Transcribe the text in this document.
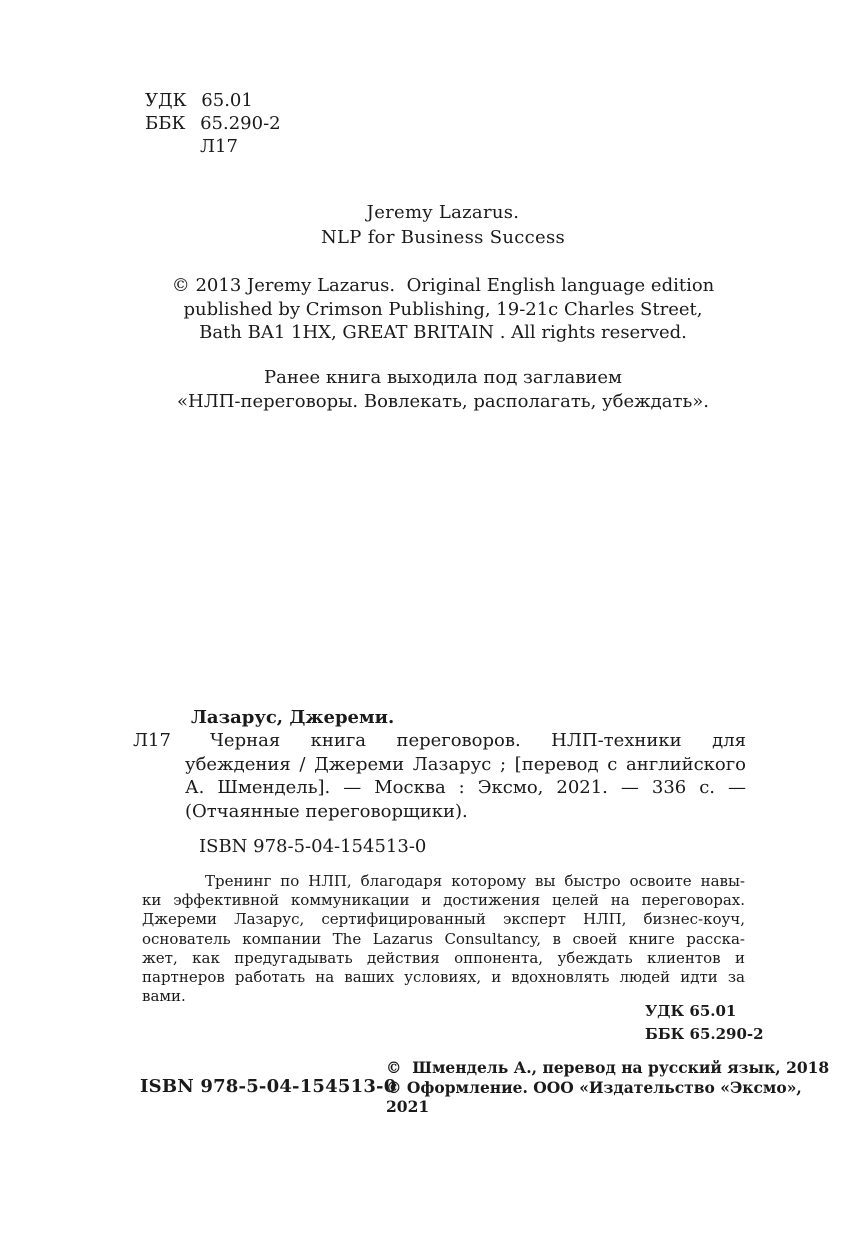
УДК 65.01
ББК 65.290-2
Л17
Jeremy Lazarus.
NLP for Business Success
© 2013 Jeremy Lazarus.  Original English language edition
published by Crimson Publishing, 19-21c Charles Street,
Bath BA1 1HX, GREAT BRITAIN . All rights reserved.
Ранее книга выходила под заглавием
«НЛП-переговоры. Вовлекать, располагать, убеждать».
Л17
Лазарус, Джереми.
Черная книга переговоров. НЛП-техники для
убеждения / Джереми Лазарус ; [перевод с английского
А. Шмендель]. — Москва : Эксмо, 2021. — 336 с. —
(Отчаянные переговорщики).
ISBN 978-5-04-154513-0
Тренинг по НЛП, благодаря которому вы быстро освоите навы-
ки эффективной коммуникации и достижения целей на переговорах.
Джереми Лазарус, сертифицированный эксперт НЛП, бизнес-коуч,
основатель компании The Lazarus Consultancy, в своей книге расска-
жет, как предугадывать действия оппонента, убеждать клиентов и
партнеров работать на ваших условиях, и вдохновлять людей идти за
вами.
УДК 65.01
ББК 65.290-2
©  Шмендель А., перевод на русский язык, 2018
© Оформление. ООО «Издательство «Эксмо», 2021
ISBN 978-5-04-154513-0
